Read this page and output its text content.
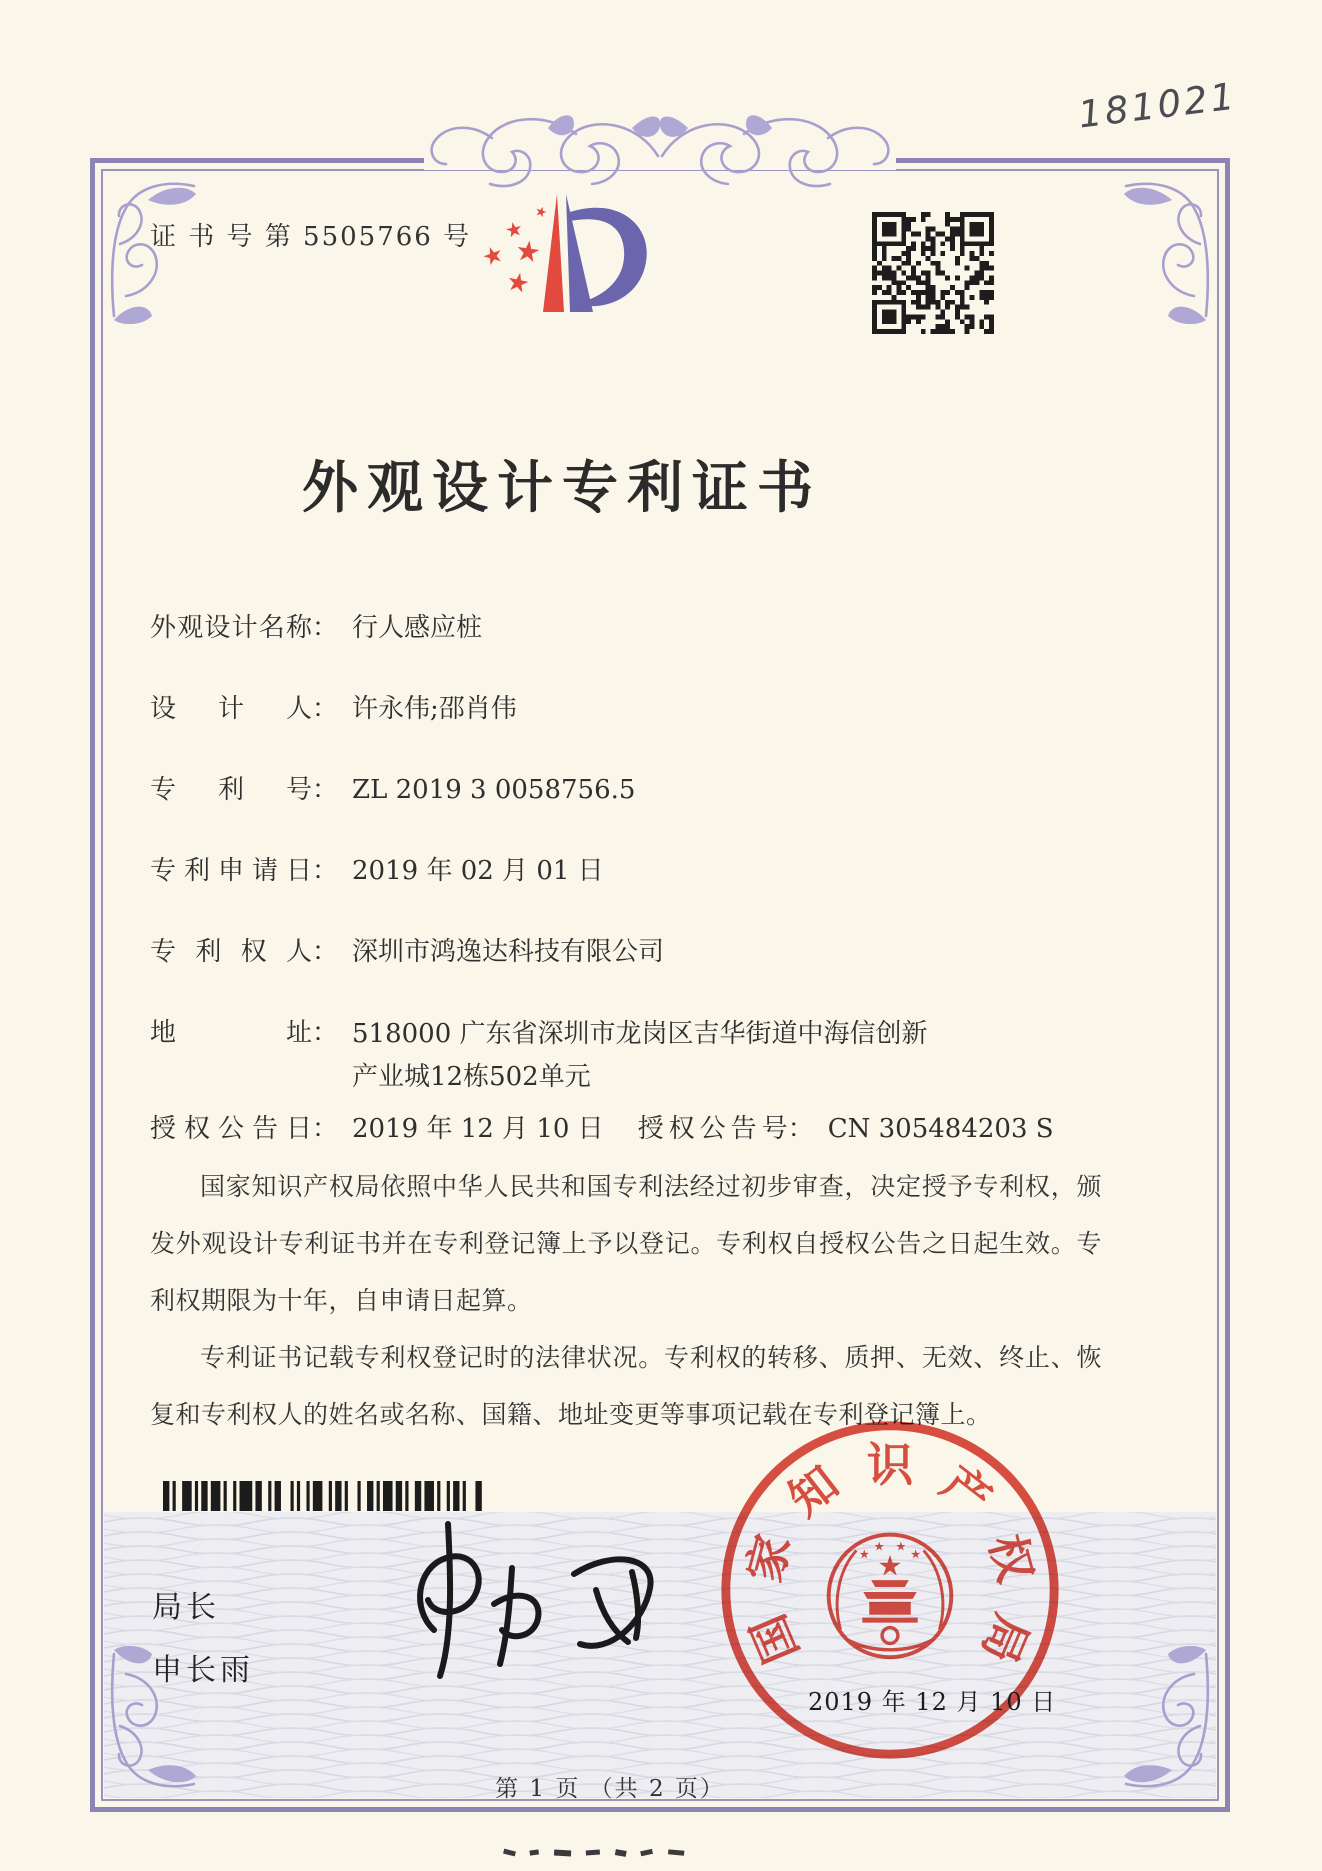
181021
证 书 号 第 5505766 号
外观设计专利证书
外观设计名称 ： 行人感应桩
设计人 ： 许永伟;邵肖伟
专利号 ： ZL 2019 3 0058756.5
专利申请日 ： 2019 年 02 月 01 日
专利权人 ： 深圳市鸿逸达科技有限公司
地址 ： 518000 广东省深圳市龙岗区吉华街道中海信创新产业城12栋502单元
授权公告日 ： 2019 年 12 月 10 日 授权公告号 ： CN 305484203 S

国家知识产权局依照中华人民共和国专利法经过初步审查，决定授予专利权，颁发外观设计专利证书并在专利登记簿上予以登记。专利权自授权公告之日起生效。专利权期限为十年，自申请日起算。

专利证书记载专利权登记时的法律状况。专利权的转移、质押、无效、终止、恢复和专利权人的姓名或名称、国籍、地址变更等事项记载在专利登记簿上。

局长
申长雨	国
家
知 识 产
权
局
2019 年 12 月 10 日
第 1 页 （共 2 页）
